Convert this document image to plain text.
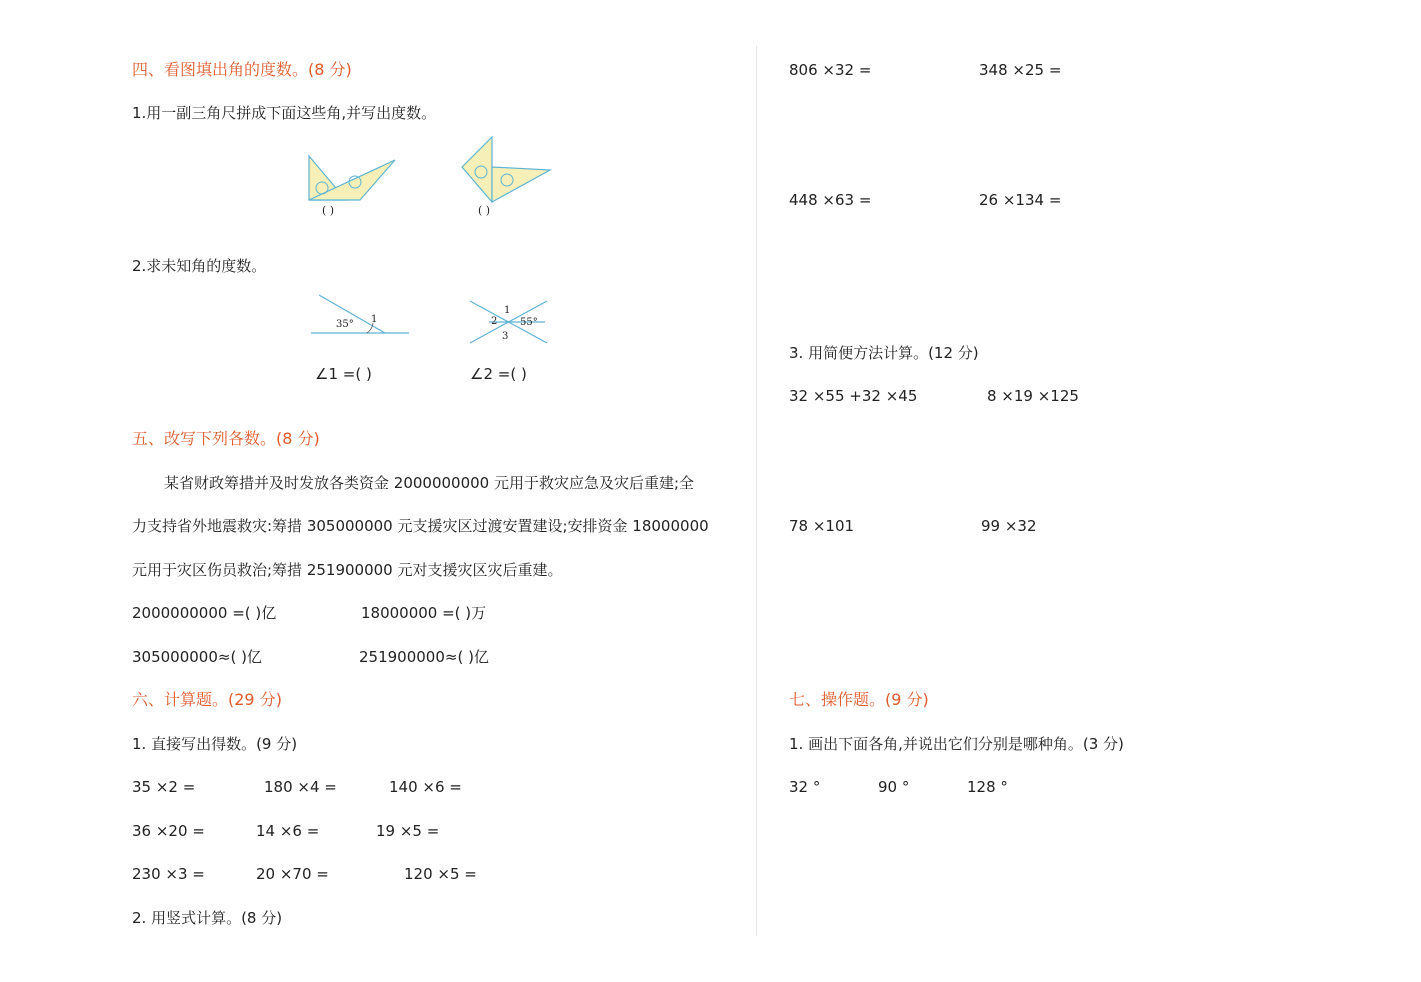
四、看图填出角的度数。(8 分)
1.用一副三角尺拼成下面这些角,并写出度数。
( )	( )
2.求未知角的度数。
35° 1
1
2
3
55°
∠1 =( )	∠2 =( )
五、改写下列各数。(8 分)
某省财政筹措并及时发放各类资金 2000000000 元用于救灾应急及灾后重建;全
力支持省外地震救灾:筹措 305000000 元支援灾区过渡安置建设;安排资金 18000000
元用于灾区伤员救治;筹措 251900000 元对支援灾区灾后重建。
2000000000 =( )亿	18000000 =( )万
305000000≈( )亿	251900000≈( )亿
六、计算题。(29 分)
1. 直接写出得数。(9 分)
35 ×2 =	180 ×4 =	140 ×6 =
36 ×20 =	14 ×6 =	19 ×5 =
230 ×3 =	20 ×70 =	120 ×5 =
2. 用竖式计算。(8 分)
806 ×32 =	348 ×25 =
448 ×63 =	26 ×134 =
3. 用简便方法计算。(12 分)
32 ×55 +32 ×45	8 ×19 ×125
78 ×101	99 ×32
七、操作题。(9 分)
1. 画出下面各角,并说出它们分别是哪种角。(3 分)
32 °	90 °	128 °
